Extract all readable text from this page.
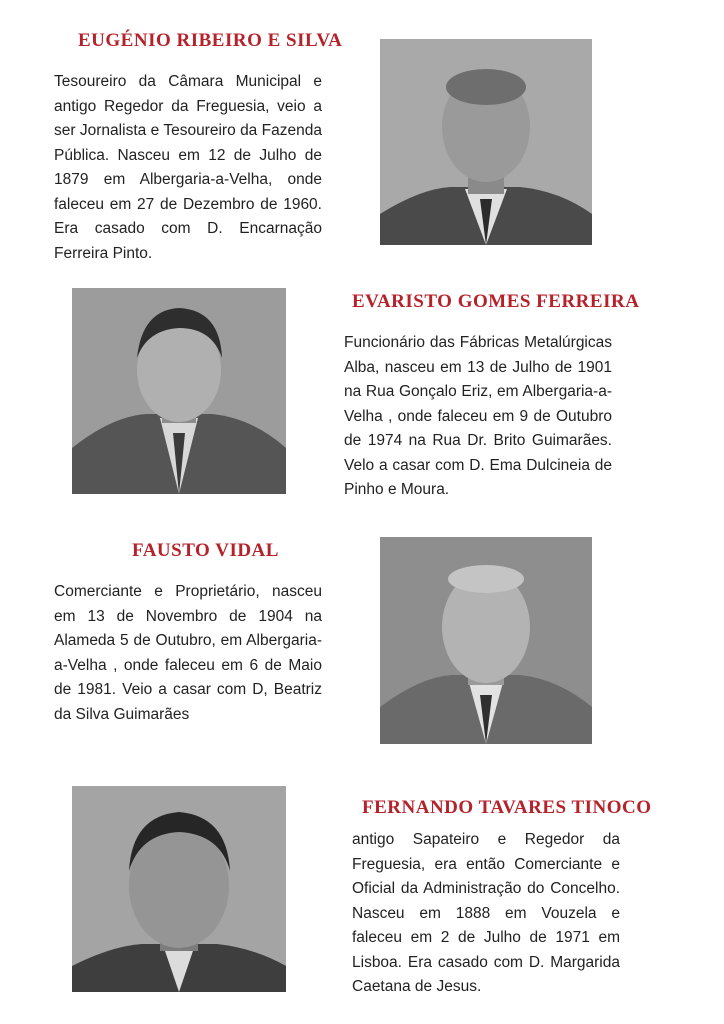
EUGÉNIO RIBEIRO E SILVA

Tesoureiro da Câmara Municipal e antigo Regedor da Freguesia, veio a ser Jornalista e Tesoureiro da Fazenda Pública. Nasceu em 12 de Julho de 1879 em Albergaria-a-Velha, onde faleceu em 27 de Dezembro de 1960. Era casado com D. Encarnação Ferreira Pinto.

EVARISTO GOMES FERREIRA

Funcionário das Fábricas Metalúrgicas Alba, nasceu em 13 de Julho de 1901 na Rua Gonçalo Eriz, em Albergaria-a-Velha , onde faleceu em 9 de Outubro de 1974 na Rua Dr. Brito Guimarães. Velo a casar com D. Ema Dulcineia de Pinho e Moura.

FAUSTO VIDAL

Comerciante e Proprietário, nasceu em 13 de Novembro de 1904 na Alameda 5 de Outubro, em Albergaria-a-Velha , onde faleceu em 6 de Maio de 1981. Veio a casar com D, Beatriz da Silva Guimarães

FERNANDO TAVARES TINOCO

antigo Sapateiro e Regedor da Freguesia, era então Comerciante e Oficial da Administração do Concelho. Nasceu em 1888 em Vouzela e faleceu em 2 de Julho de 1971 em Lisboa. Era casado com D. Margarida Caetana de Jesus.
